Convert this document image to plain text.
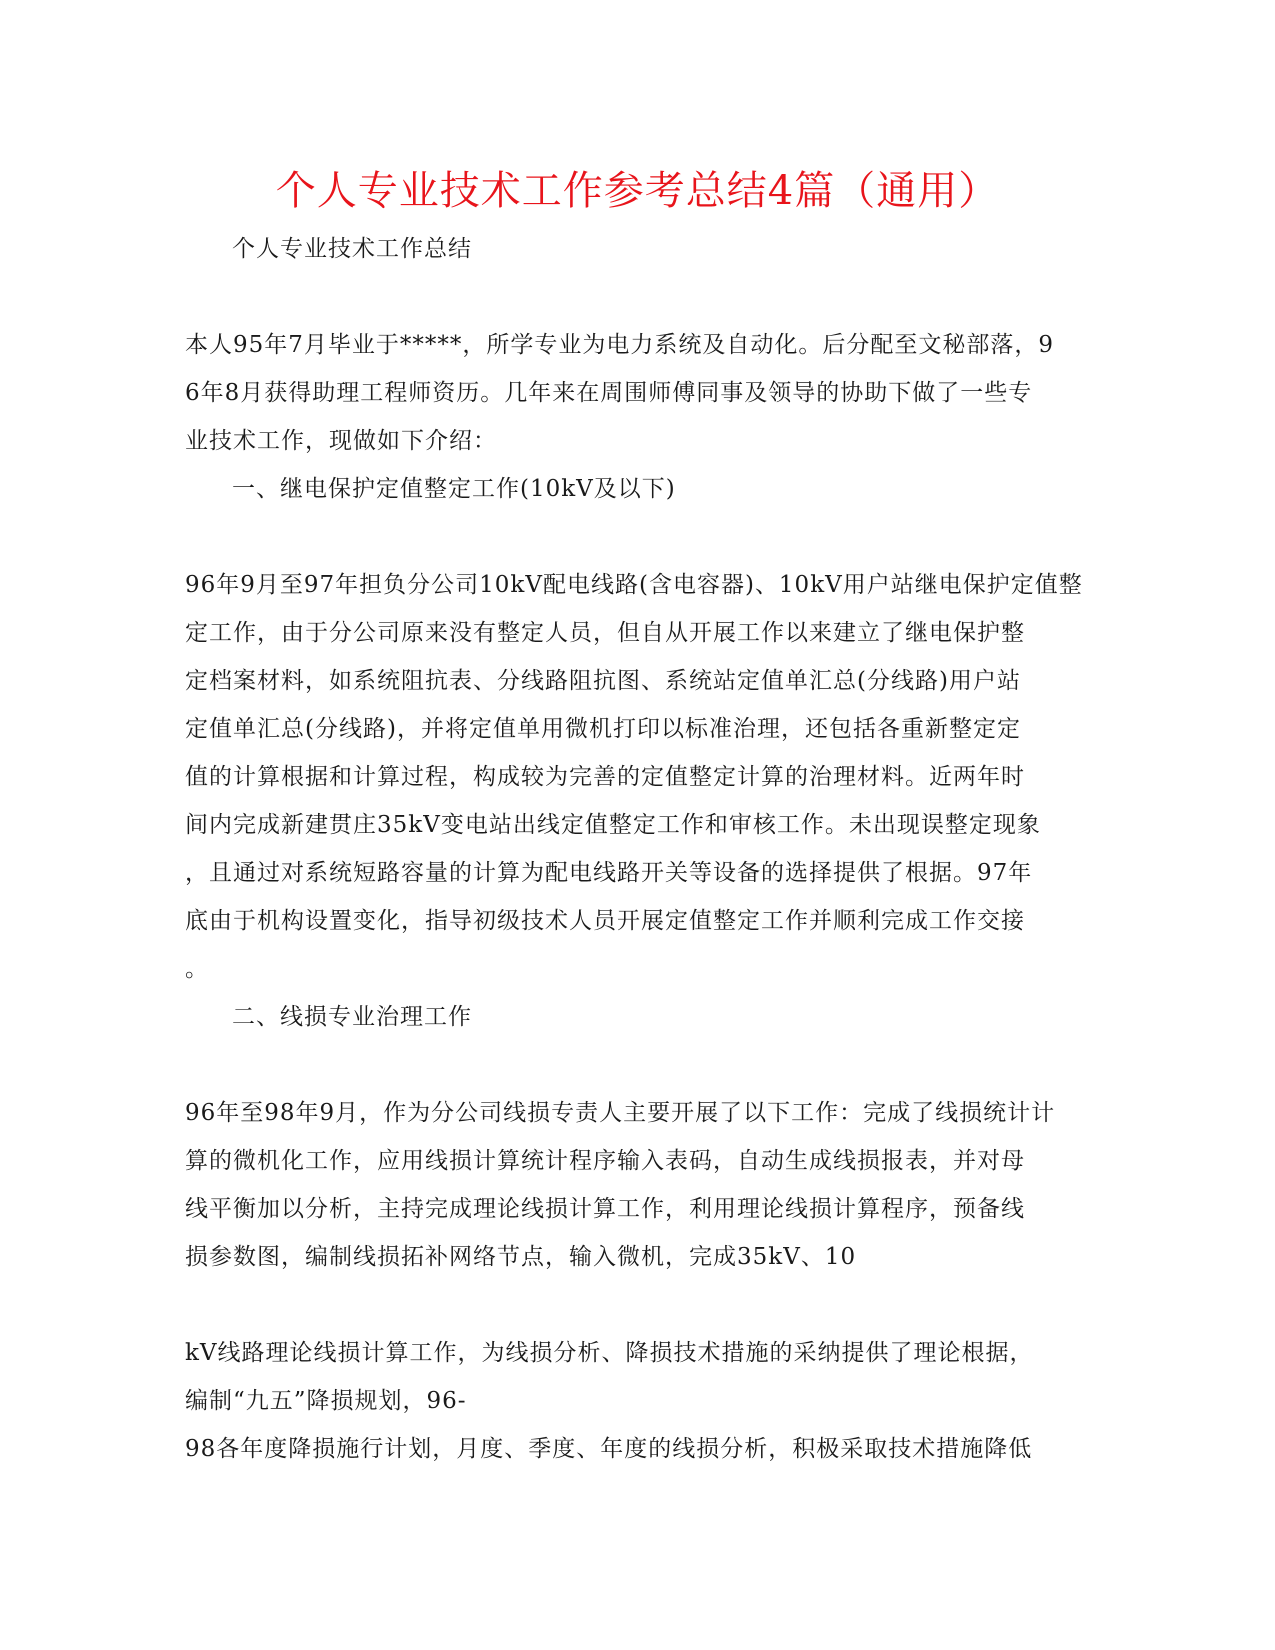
个人专业技术工作参考总结4篇（通用）
个人专业技术工作总结
本人95年7月毕业于*****，所学专业为电力系统及自动化。后分配至文秘部落，9
6年8月获得助理工程师资历。几年来在周围师傅同事及领导的协助下做了一些专
业技术工作，现做如下介绍：
一、继电保护定值整定工作(10kV及以下)
96年9月至97年担负分公司10kV配电线路(含电容器)、10kV用户站继电保护定值整
定工作，由于分公司原来没有整定人员，但自从开展工作以来建立了继电保护整
定档案材料，如系统阻抗表、分线路阻抗图、系统站定值单汇总(分线路)用户站
定值单汇总(分线路)，并将定值单用微机打印以标准治理，还包括各重新整定定
值的计算根据和计算过程，构成较为完善的定值整定计算的治理材料。近两年时
间内完成新建贯庄35kV变电站出线定值整定工作和审核工作。未出现误整定现象
，且通过对系统短路容量的计算为配电线路开关等设备的选择提供了根据。97年
底由于机构设置变化，指导初级技术人员开展定值整定工作并顺利完成工作交接
。
二、线损专业治理工作
96年至98年9月，作为分公司线损专责人主要开展了以下工作：完成了线损统计计
算的微机化工作，应用线损计算统计程序输入表码，自动生成线损报表，并对母
线平衡加以分析，主持完成理论线损计算工作，利用理论线损计算程序，预备线
损参数图，编制线损拓补网络节点，输入微机，完成35kV、10
kV线路理论线损计算工作，为线损分析、降损技术措施的采纳提供了理论根据，
编制“九五”降损规划，96-
98各年度降损施行计划，月度、季度、年度的线损分析，积极采取技术措施降低
